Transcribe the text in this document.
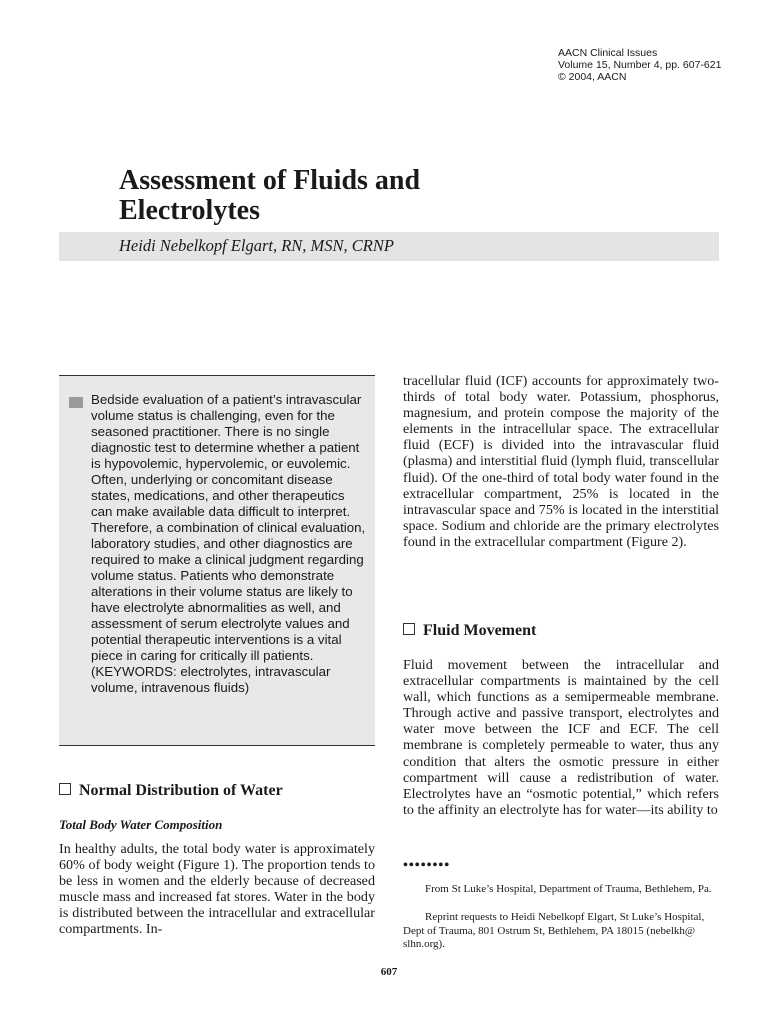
AACN Clinical Issues
Volume 15, Number 4, pp. 607-621
© 2004, AACN
Assessment of Fluids and
Electrolytes
Heidi Nebelkopf Elgart, RN, MSN, CRNP
Bedside evaluation of a patient’s intravascular volume status is challenging, even for the seasoned practitioner. There is no single diagnostic test to determine whether a patient is hypovolemic, hypervolemic, or euvolemic. Often, underlying or concomitant disease states, medications, and other therapeutics can make available data difficult to interpret. Therefore, a combination of clinical evaluation, laboratory studies, and other diagnostics are required to make a clinical judgment regarding volume status. Patients who demonstrate alterations in their volume status are likely to have electrolyte abnormalities as well, and assessment of serum electrolyte values and potential therapeutic interventions is a vital piece in caring for critically ill patients. (KEYWORDS: electrolytes, intravascular volume, intravenous fluids)
Normal Distribution of Water
Total Body Water Composition

In healthy adults, the total body water is approximately 60% of body weight (Figure 1). The proportion tends to be less in women and the elderly because of decreased muscle mass and increased fat stores. Water in the body is distributed between the intracellular and extracellular compartments. In-

tracellular fluid (ICF) accounts for approximately two-thirds of total body water. Potassium, phosphorus, magnesium, and protein compose the majority of the elements in the intracellular space. The extracellular fluid (ECF) is divided into the intravascular fluid (plasma) and interstitial fluid (lymph fluid, transcellular fluid). Of the one-third of total body water found in the extracellular compartment, 25% is located in the intravascular space and 75% is located in the interstitial space. Sodium and chloride are the primary electrolytes found in the extracellular compartment (Figure 2).

Fluid Movement

Fluid movement between the intracellular and extracellular compartments is maintained by the cell wall, which functions as a semipermeable membrane. Through active and passive transport, electrolytes and water move between the ICF and ECF. The cell membrane is completely permeable to water, thus any condition that alters the osmotic pressure in either compartment will cause a redistribution of water. Electrolytes have an “osmotic potential,” which refers to the affinity an electrolyte has for water—its ability to

••••••••

From St Luke’s Hospital, Department of Trauma, Bethlehem, Pa.

Reprint requests to Heidi Nebelkopf Elgart, St Luke’s Hospital, Dept of Trauma, 801 Ostrum St, Bethlehem, PA 18015 (nebelkh@ slhn.org).

607
